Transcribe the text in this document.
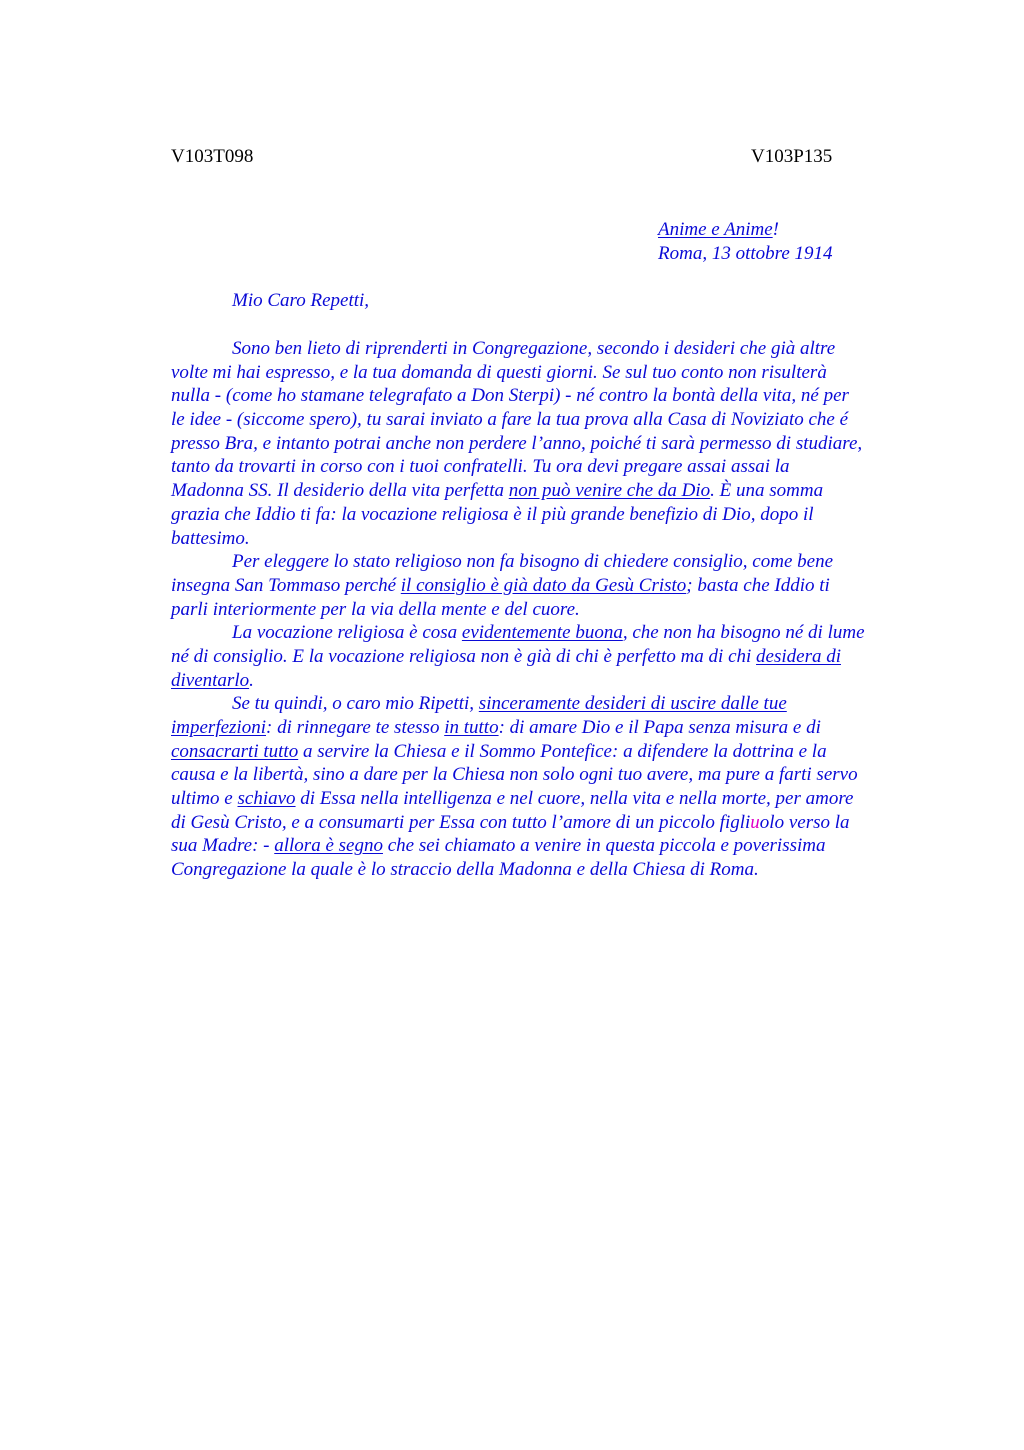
V103T098	V103P135
Anime e Anime!
Roma, 13 ottobre 1914
Mio Caro Repetti,
Sono ben lieto di riprenderti in Congregazione, secondo i desideri che già altre
volte mi hai espresso, e la tua domanda di questi giorni. Se sul tuo conto non risulterà
nulla - (come ho stamane telegrafato a Don Sterpi) - né contro la bontà della vita, né per
le idee - (siccome spero), tu sarai inviato a fare la tua prova alla Casa di Noviziato che é
presso Bra, e intanto potrai anche non perdere l’anno, poiché ti sarà permesso di studiare,
tanto da trovarti in corso con i tuoi confratelli. Tu ora devi pregare assai assai la
Madonna SS. Il desiderio della vita perfetta non può venire che da Dio. È una somma
grazia che Iddio ti fa: la vocazione religiosa è il più grande benefizio di Dio, dopo il
battesimo.
Per eleggere lo stato religioso non fa bisogno di chiedere consiglio, come bene
insegna San Tommaso perché il consiglio è già dato da Gesù Cristo; basta che Iddio ti
parli interiormente per la via della mente e del cuore.
La vocazione religiosa è cosa evidentemente buona, che non ha bisogno né di lume
né di consiglio. E la vocazione religiosa non è già di chi è perfetto ma di chi desidera di
diventarlo.
Se tu quindi, o caro mio Ripetti, sinceramente desideri di uscire dalle tue
imperfezioni: di rinnegare te stesso in tutto: di amare Dio e il Papa senza misura e di
consacrarti tutto a servire la Chiesa e il Sommo Pontefice: a difendere la dottrina e la
causa e la libertà, sino a dare per la Chiesa non solo ogni tuo avere, ma pure a farti servo
ultimo e schiavo di Essa nella intelligenza e nel cuore, nella vita e nella morte, per amore
di Gesù Cristo, e a consumarti per Essa con tutto l’amore di un piccolo figliuolo verso la
sua Madre: - allora è segno che sei chiamato a venire in questa piccola e poverissima
Congregazione la quale è lo straccio della Madonna e della Chiesa di Roma.
